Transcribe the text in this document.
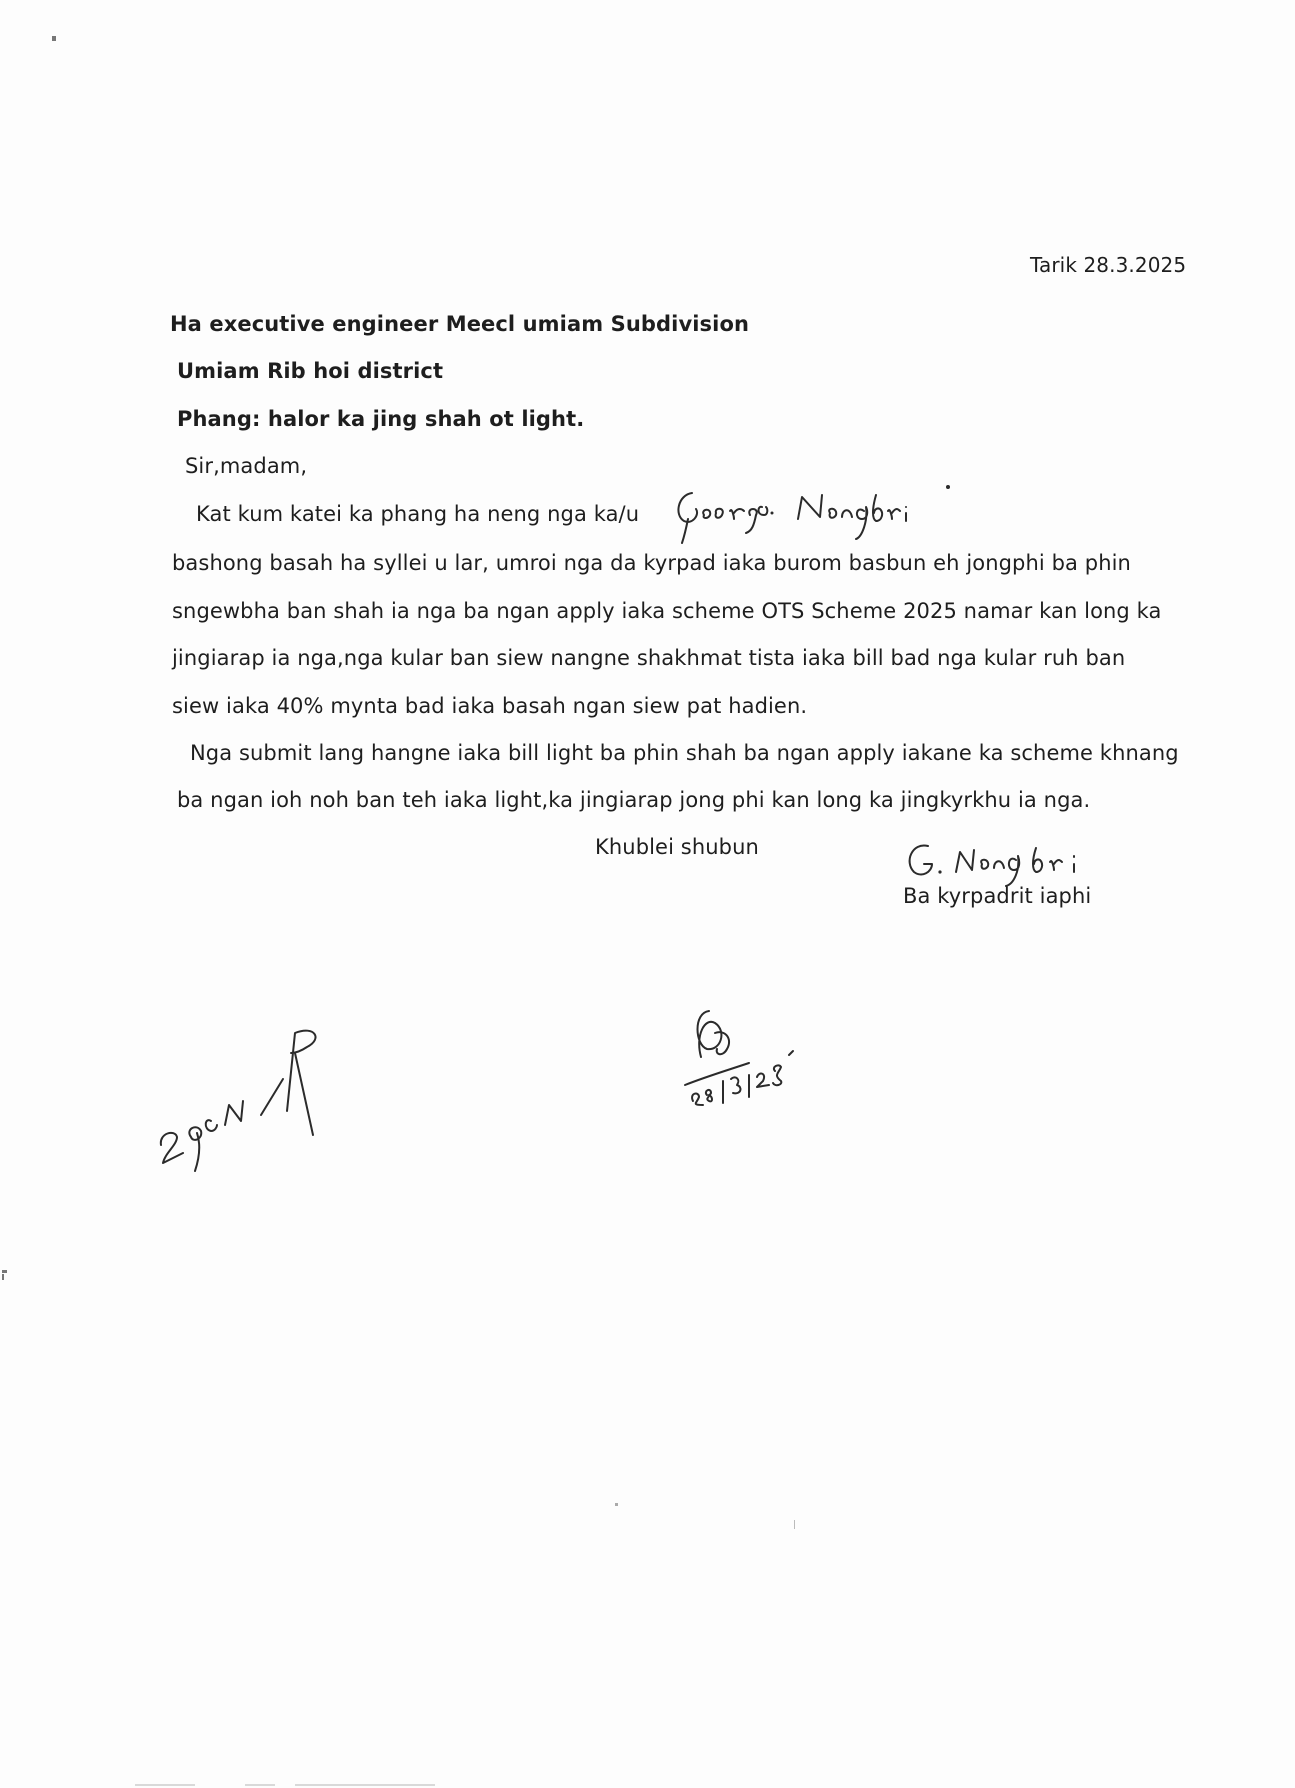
Tarik 28.3.2025
Ha executive engineer Meecl umiam Subdivision
Umiam Rib hoi district
Phang: halor ka jing shah ot light.
Sir,madam,
Kat kum katei ka phang ha neng nga ka/u
bashong basah ha syllei u lar, umroi nga da kyrpad iaka burom basbun eh jongphi ba phin
sngewbha ban shah ia nga ba ngan apply iaka scheme OTS Scheme 2025 namar kan long ka
jingiarap ia nga,nga kular ban siew nangne shakhmat tista iaka bill bad nga kular ruh ban
siew iaka 40% mynta bad iaka basah ngan siew pat hadien.
Nga submit lang hangne iaka bill light ba phin shah ba ngan apply iakane ka scheme khnang
ba ngan ioh noh ban teh iaka light,ka jingiarap jong phi kan long ka jingkyrkhu ia nga.
Khublei shubun
Ba kyrpadrit iaphi
